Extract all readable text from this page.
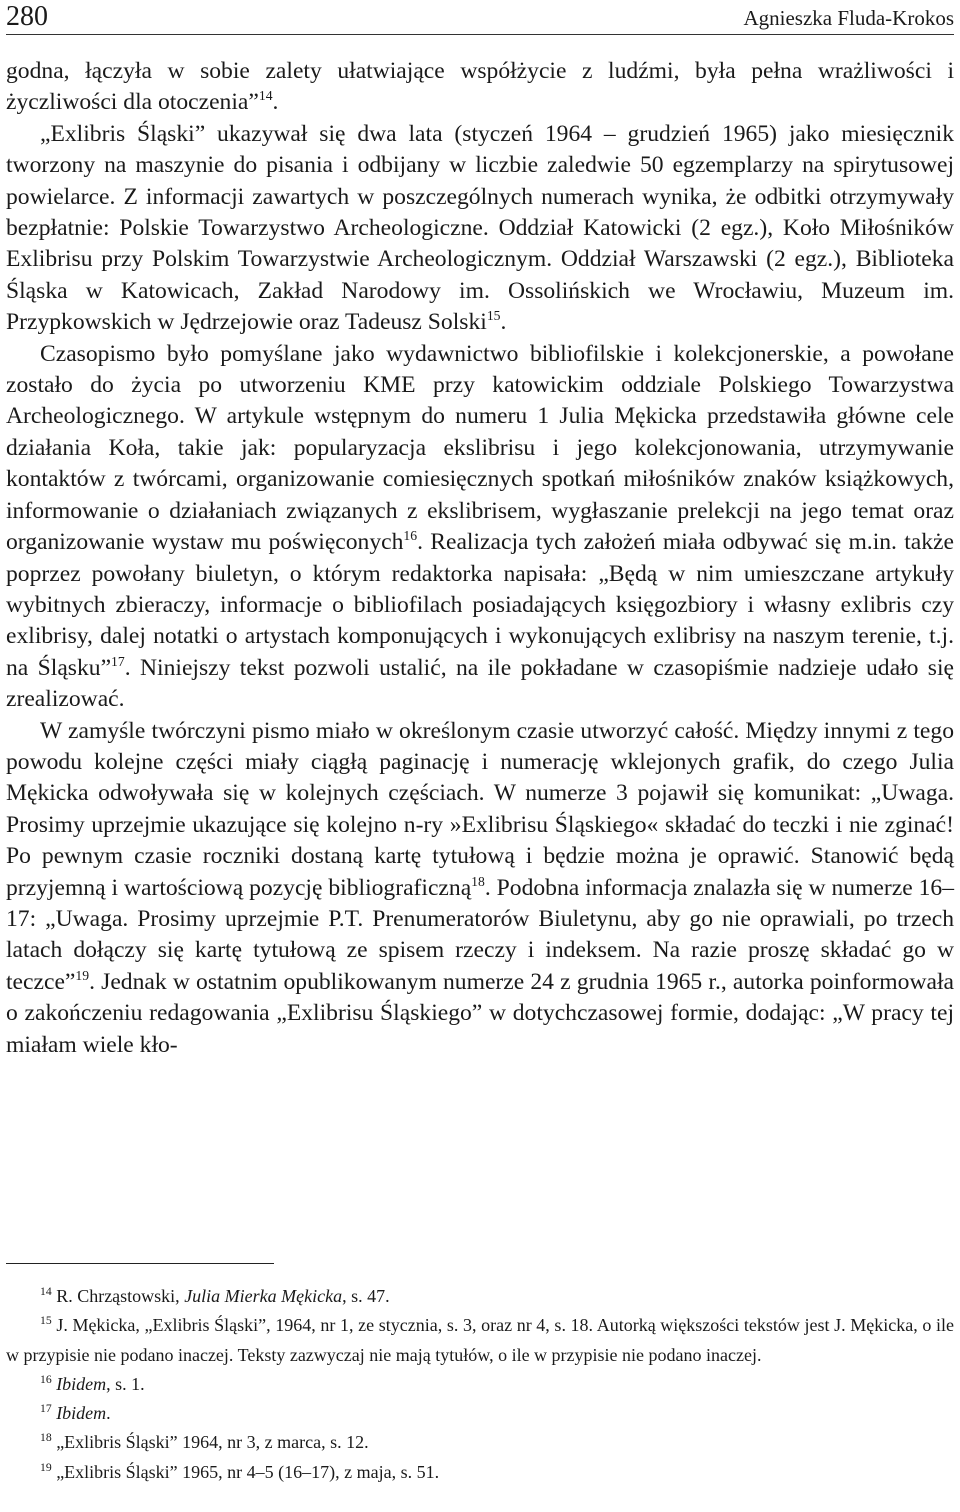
280	Agnieszka Fluda-Krokos

godna, łączyła w sobie zalety ułatwiające współżycie z ludźmi, była pełna wrażliwości i życzliwości dla otoczenia”$^{14}$.

„Exlibris Śląski” ukazywał się dwa lata (styczeń 1964 – grudzień 1965) jako miesięcznik tworzony na maszynie do pisania i odbijany w liczbie zaledwie 50 egzemplarzy na spirytusowej powielarce. Z informacji zawartych w poszczególnych numerach wynika, że odbitki otrzymywały bezpłatnie: Polskie Towarzystwo Archeologiczne. Oddział Katowicki (2 egz.), Koło Miłośników Exlibrisu przy Polskim Towarzystwie Archeologicznym. Oddział Warszawski (2 egz.), Biblioteka Śląska w Katowicach, Zakład Narodowy im. Ossolińskich we Wrocławiu, Muzeum im. Przypkowskich w Jędrzejowie oraz Tadeusz Solski$^{15}$.

Czasopismo było pomyślane jako wydawnictwo bibliofilskie i kolekcjonerskie, a powołane zostało do życia po utworzeniu KME przy katowickim oddziale Polskiego Towarzystwa Archeologicznego. W artykule wstępnym do numeru 1 Julia Mękicka przedstawiła główne cele działania Koła, takie jak: popularyzacja ekslibrisu i jego kolekcjonowania, utrzymywanie kontaktów z twórcami, organizowanie comiesięcznych spotkań miłośników znaków książkowych, informowanie o działaniach związanych z ekslibrisem, wygłaszanie prelekcji na jego temat oraz organizowanie wystaw mu poświęconych$^{16}$. Realizacja tych założeń miała odbywać się m.in. także poprzez powołany biuletyn, o którym redaktorka napisała: „Będą w nim umieszczane artykuły wybitnych zbieraczy, informacje o bibliofilach posiadających księgozbiory i własny exlibris czy exlibrisy, dalej notatki o artystach komponujących i wykonujących exlibrisy na naszym terenie, t.j. na Śląsku”$^{17}$. Niniejszy tekst pozwoli ustalić, na ile pokładane w czasopiśmie nadzieje udało się zrealizować.

W zamyśle twórczyni pismo miało w określonym czasie utworzyć całość. Między innymi z tego powodu kolejne części miały ciągłą paginację i numerację wklejonych grafik, do czego Julia Mękicka odwoływała się w kolejnych częściach. W numerze 3 pojawił się komunikat: „Uwaga. Prosimy uprzejmie ukazujące się kolejno n-ry »Exlibrisu Śląskiego« składać do teczki i nie zginać! Po pewnym czasie roczniki dostaną kartę tytułową i będzie można je oprawić. Stanowić będą przyjemną i wartościową pozycję bibliograficzną$^{18}$. Podobna informacja znalazła się w numerze 16–17: „Uwaga. Prosimy uprzejmie P.T. Prenumeratorów Biuletynu, aby go nie oprawiali, po trzech latach dołączy się kartę tytułową ze spisem rzeczy i indeksem. Na razie proszę składać go w teczce”$^{19}$. Jednak w ostatnim opublikowanym numerze 24 z grudnia 1965 r., autorka poinformowała o zakończeniu redagowania „Exlibrisu Śląskiego” w dotychczasowej formie, dodając: „W pracy tej miałam wiele kło-

$^{14}$ R. Chrząstowski, Julia Mierka Mękicka, s. 47.

$^{15}$ J. Mękicka, „Exlibris Śląski”, 1964, nr 1, ze stycznia, s. 3, oraz nr 4, s. 18. Autorką większości tekstów jest J. Mękicka, o ile w przypisie nie podano inaczej. Teksty zazwyczaj nie mają tytułów, o ile w przypisie nie podano inaczej.

$^{16}$ Ibidem, s. 1.

$^{17}$ Ibidem.

$^{18}$ „Exlibris Śląski” 1964, nr 3, z marca, s. 12.

$^{19}$ „Exlibris Śląski” 1965, nr 4–5 (16–17), z maja, s. 51.
